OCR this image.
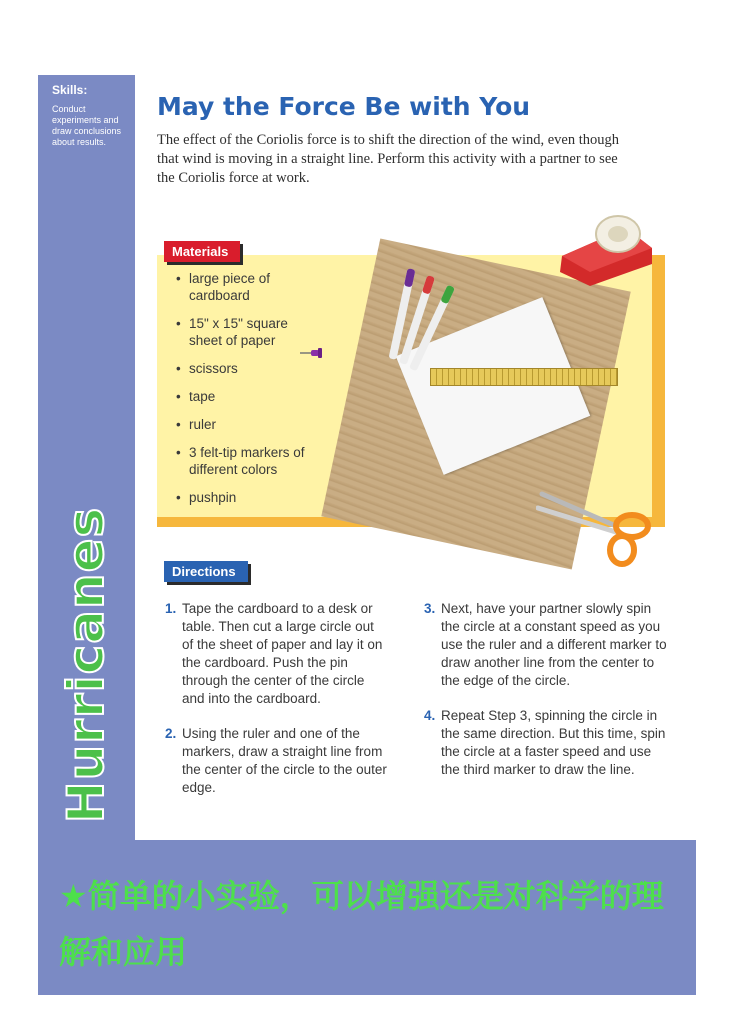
Skills:
Conduct experiments and draw conclusions about results.
Hurricanes
May the Force Be with You

The effect of the Coriolis force is to shift the direction of the wind, even though that wind is moving in a straight line. Perform this activity with a partner to see the Coriolis force at work.

Materials
• large piece of cardboard
• 15" x 15" square sheet of paper
• scissors
• tape
• ruler
• 3 felt-tip markers of different colors
• pushpin
Directions
1. Tape the cardboard to a desk or table. Then cut a large circle out of the sheet of paper and lay it on the cardboard. Push the pin through the center of the circle and into the cardboard.
2. Using the ruler and one of the markers, draw a straight line from the center of the circle to the outer edge.
3. Next, have your partner slowly spin the circle at a constant speed as you use the ruler and a different marker to draw another line from the center to the edge of the circle.
4. Repeat Step 3, spinning the circle in the same direction. But this time, spin the circle at a faster speed and use the third marker to draw the line.

★简单的小实验，可以增强还是对科学的理解和应用
